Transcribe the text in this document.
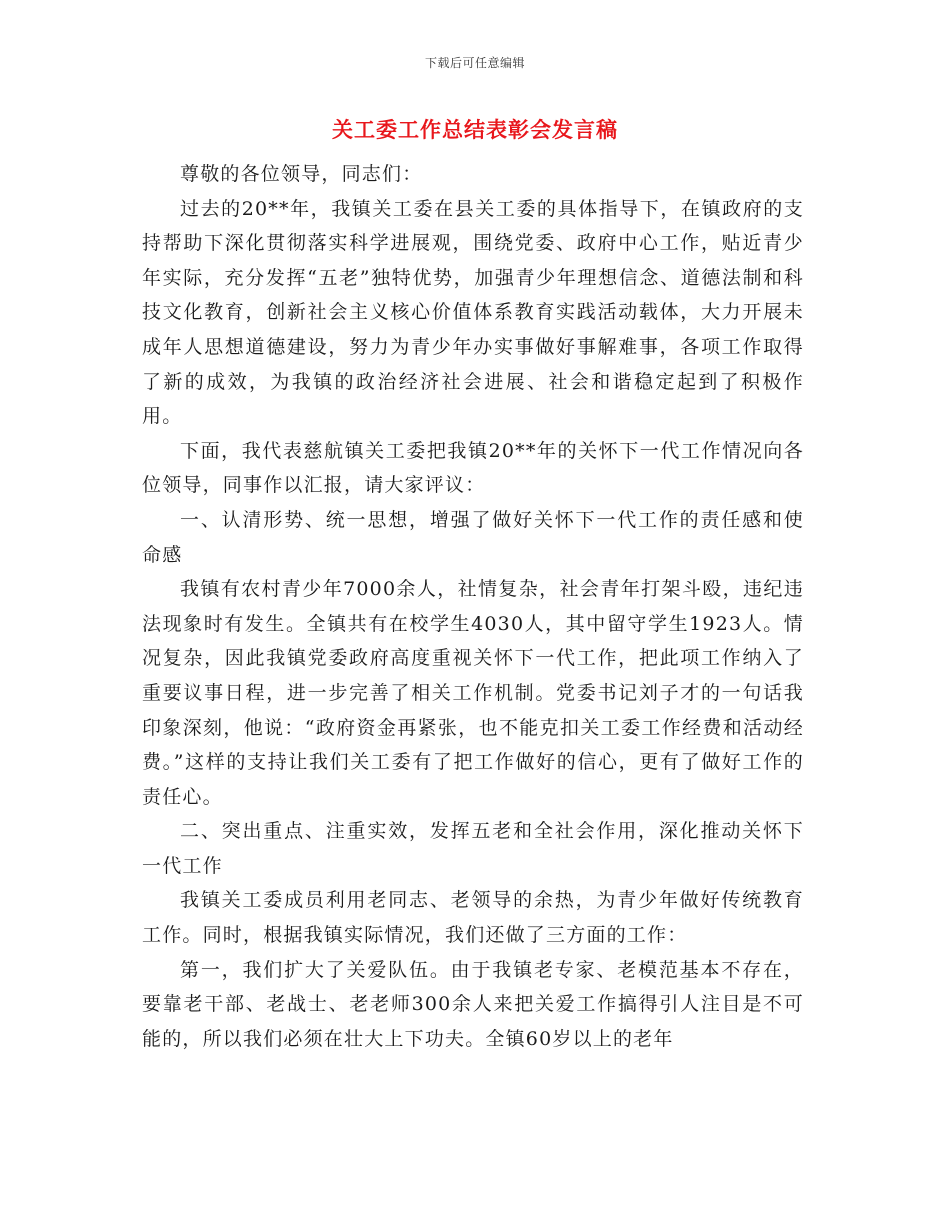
下载后可任意编辑
关工委工作总结表彰会发言稿

尊敬的各位领导，同志们：

过去的20**年，我镇关工委在县关工委的具体指导下，在镇政府的支持帮助下深化贯彻落实科学进展观，围绕党委、政府中心工作，贴近青少年实际，充分发挥“五老”独特优势，加强青少年理想信念、道德法制和科技文化教育，创新社会主义核心价值体系教育实践活动载体，大力开展未成年人思想道德建设，努力为青少年办实事做好事解难事，各项工作取得了新的成效，为我镇的政治经济社会进展、社会和谐稳定起到了积极作用。

下面，我代表慈航镇关工委把我镇20**年的关怀下一代工作情况向各位领导，同事作以汇报，请大家评议：

一、认清形势、统一思想，增强了做好关怀下一代工作的责任感和使命感

我镇有农村青少年7000余人，社情复杂，社会青年打架斗殴，违纪违法现象时有发生。全镇共有在校学生4030人，其中留守学生1923人。情况复杂，因此我镇党委政府高度重视关怀下一代工作，把此项工作纳入了重要议事日程，进一步完善了相关工作机制。党委书记刘子才的一句话我印象深刻，他说：“政府资金再紧张，也不能克扣关工委工作经费和活动经费。”这样的支持让我们关工委有了把工作做好的信心，更有了做好工作的责任心。

二、突出重点、注重实效，发挥五老和全社会作用，深化推动关怀下一代工作

我镇关工委成员利用老同志、老领导的余热，为青少年做好传统教育工作。同时，根据我镇实际情况，我们还做了三方面的工作：

第一，我们扩大了关爱队伍。由于我镇老专家、老模范基本不存在，要靠老干部、老战士、老老师300余人来把关爱工作搞得引人注目是不可能的，所以我们必须在壮大上下功夫。全镇60岁以上的老年
